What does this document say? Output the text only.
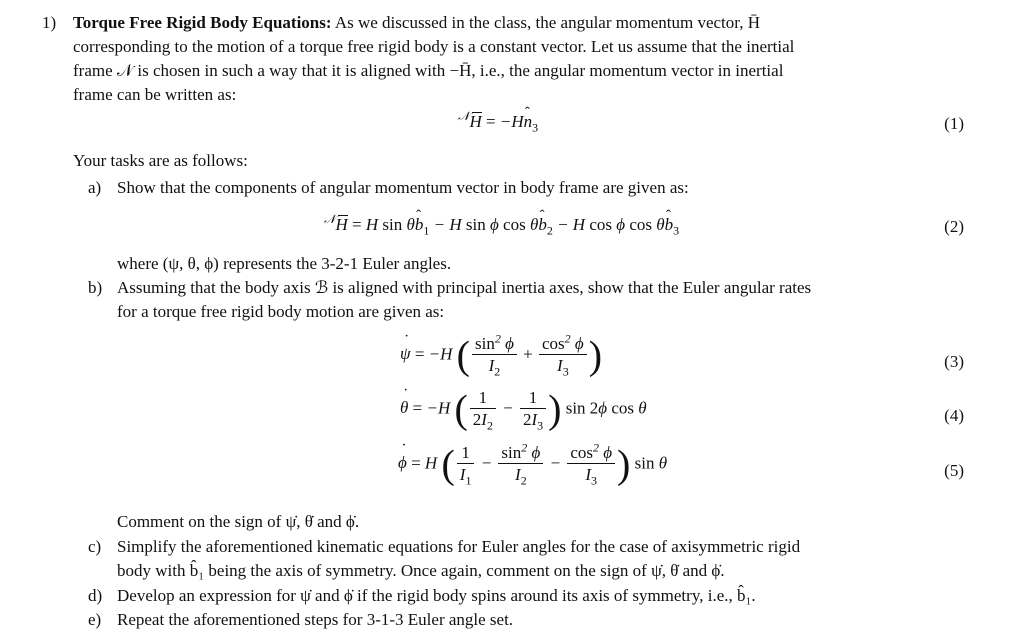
1) Torque Free Rigid Body Equations: As we discussed in the class, the angular momentum vector, H̄
corresponding to the motion of a torque free rigid body is a constant vector. Let us assume that the inertial
frame 𝒩 is chosen in such a way that it is aligned with −H̄, i.e., the angular momentum vector in inertial
frame can be written as:
$^𝒩$H = −Hn ˆ$_3$	(1)
Your tasks are as follows:
a) Show that the components of angular momentum vector in body frame are given as:
$^𝒩$H = H sin θb ˆ$_1$ − H sin ϕ cos θb ˆ$_2$ − H cos ϕ cos θb ˆ$_3$	(2)
where (ψ, θ, ϕ) represents the 3-2-1 Euler angles.
b) Assuming that the body axis ℬ is aligned with principal inertia axes, show that the Euler angular rates
for a torque free rigid body motion are given as:
ψ ˙ = −H ( $\frac{\sin^2 \phi}{I_2} + \frac{\cos^2 \phi}{I_3}$ )	(3)
θ ˙ = −H ( $\frac{1}{2I_2} - \frac{1}{2I_3}$ ) sin 2ϕ cos θ	(4)
ϕ ˙ = H ( $\frac{1}{I_1} - \frac{\sin^2 \phi}{I_2} - \frac{\cos^2 \phi}{I_3}$ ) sin θ	(5)
Comment on the sign of ψ̇, θ̇ and ϕ̇.
c) Simplify the aforementioned kinematic equations for Euler angles for the case of axisymmetric rigid
body with b̂₁ being the axis of symmetry. Once again, comment on the sign of ψ̇, θ̇ and ϕ̇.
d) Develop an expression for ψ̇ and ϕ̇ if the rigid body spins around its axis of symmetry, i.e., b̂₁.
e) Repeat the aforementioned steps for 3-1-3 Euler angle set.
